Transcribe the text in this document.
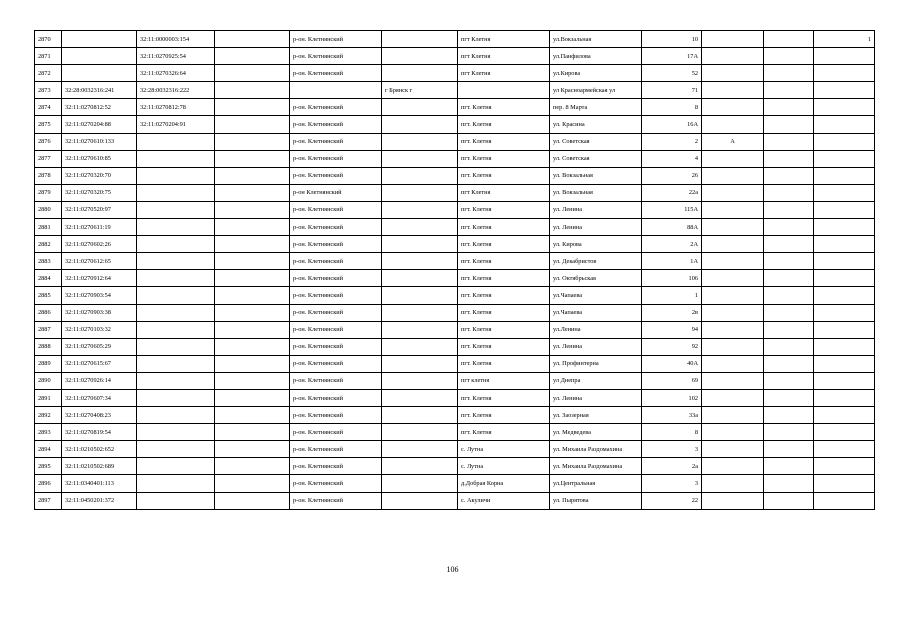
2870		32:11:0000003:154		р-он. Клетнянский		пгт Клетня	ул.Вокзальная	10			1
2871		32:11:0270925:54		р-он. Клетнянский		пгт Клетня	ул.Панфилова	17А			
2872		32:11:0270326:64		р-он. Клетнянский		пгт Клетня	ул.Кирова	52			
2873	32:28:0032316:241	32:28:0032316:222			г Брянск г		ул Красноармейская ул	71			
2874	32:11:0270812:52	32:11:0270812:78		р-он. Клетнянский		пгт. Клетня	пер. 8 Марта	8			
2875	32:11:0270204:88	32:11:0270204:91		р-он. Клетнянский		пгт. Клетня	ул. Красина	16А			
2876	32:11:0270610:133			р-он. Клетнянский		пгт. Клетня	ул. Советская	2	А		
2877	32:11:0270610:85			р-он. Клетнянский		пгт. Клетня	ул. Советская	4			
2878	32:11:0270320:70			р-он. Клетнянский		пгт. Клетня	ул. Вокзальная	26			
2879	32:11:0270320:75			р-он Клетнянский		пгт Клетня	ул. Вокзальная	22а			
2880	32:11:0270520:97			р-он. Клетнянский		пгт. Клетня	ул. Ленина	115А			
2881	32:11:0270611:19			р-он. Клетнянский		пгт. Клетня	ул. Ленина	88А			
2882	32:11:0270602:26			р-он. Клетнянский		пгт. Клетня	ул. Кирова	2А			
2883	32:11:0270612:65			р-он. Клетнянский		пгт. Клетня	ул. Декабристов	1А			
2884	32:11:0270912:64			р-он. Клетнянский		пгт. Клетня	ул. Октябрьская	106			
2885	32:11:0270903:54			р-он. Клетнянский		пгт. Клетня	ул.Чапаева	1			
2886	32:11:0270903:38			р-он. Клетнянский		пгт. Клетня	ул.Чапаева	2в			
2887	32:11:0270103:32			р-он. Клетнянский		пгт. Клетня	ул.Ленина	94			
2888	32:11:0270605:29			р-он. Клетнянский		пгт. Клетня	ул. Ленина	92			
2889	32:11:0270615:67			р-он. Клетнянский		пгт. Клетня	ул. Профинтерна	40А			
2890	32:11:0270926:14			р-он. Клетнянский		пгт клетня	ул Днепра	69			
2891	32:11:0270607:34			р-он. Клетнянский		пгт. Клетня	ул. Ленина	102			
2892	32:11:0270408:23			р-он. Клетнянский		пгт. Клетня	ул. Заозерная	33а			
2893	32:11:0270819:54			р-он. Клетнянский		пгт. Клетня	ул. Медведева	8			
2894	32:11:0210502:652			р-он. Клетнянский		с. Лутна	ул. Михаила Раздомахина	3			
2895	32:11:0210502:689			р-он. Клетнянский		с. Лутна	ул. Михаила Раздомахина	2а			
2896	32:11:0340401:113			р-он. Клетнянский		д.Добрая Корна	ул.Центральная	3			
2897	32:11:0450201:372			р-он. Клетнянский		с. Акуличи	ул. Пырятова	22			
106
